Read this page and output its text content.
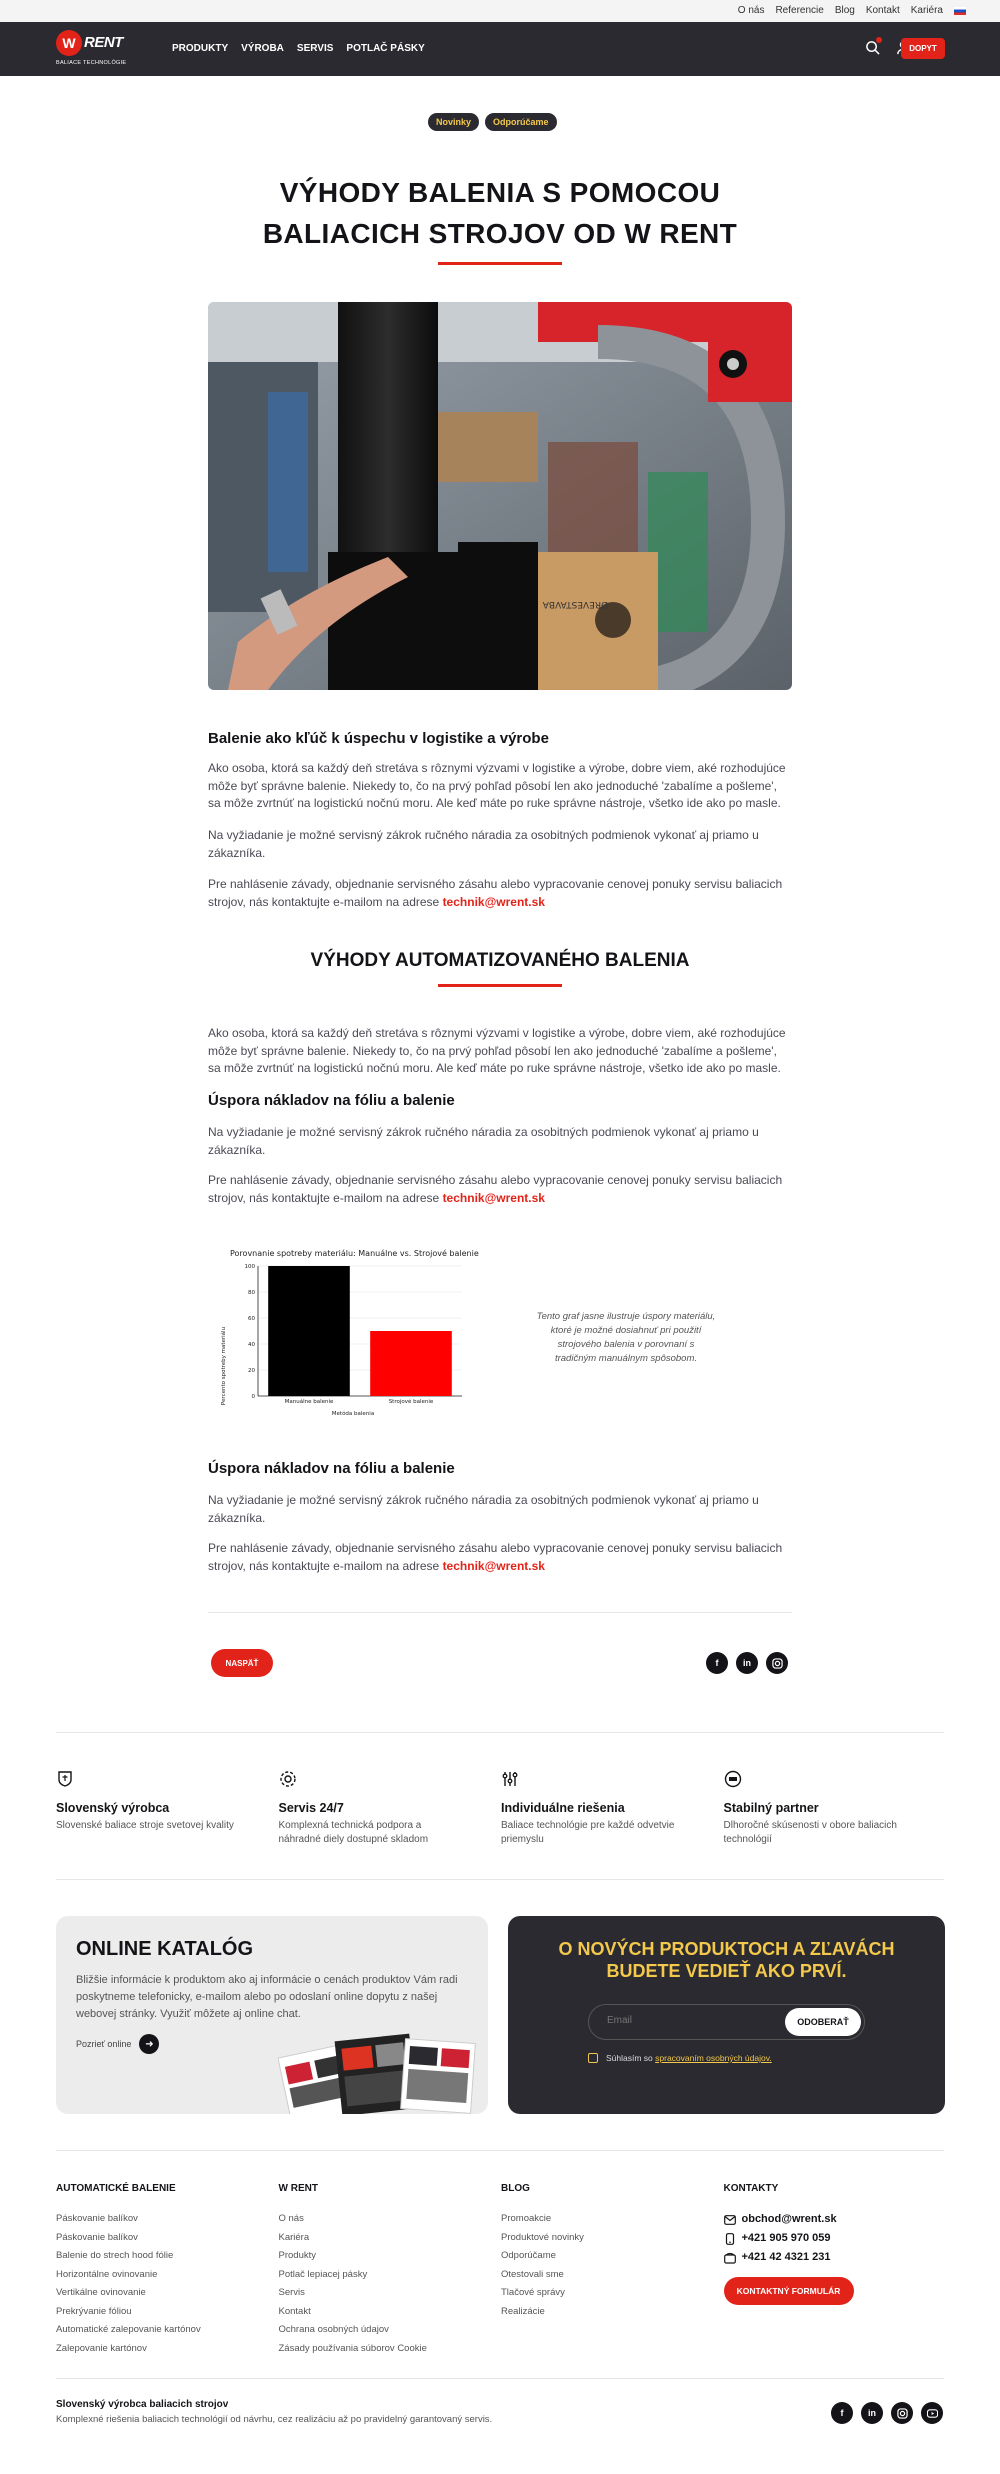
O nás Referencie Blog Kontakt Kariéra
W RENT
BALIACE TECHNOLÓGIE
PRODUKTY VÝROBA SERVIS POTLAČ PÁSKY	DOPYT
Novinky	Odporúčame
VÝHODY BALENIA S POMOCOU BALIACICH STROJOV OD W RENT
DREVESTAVBA
Balenie ako kľúč k úspechu v logistike a výrobe

Ako osoba, ktorá sa každý deň stretáva s rôznymi výzvami v logistike a výrobe, dobre viem, aké rozhodujúce môže byť správne balenie. Niekedy to, čo na prvý pohľad pôsobí len ako jednoduché 'zabalíme a pošleme', sa môže zvrtnúť na logistickú nočnú moru. Ale keď máte po ruke správne nástroje, všetko ide ako po masle.

Na vyžiadanie je možné servisný zákrok ručného náradia za osobitných podmienok vykonať aj priamo u zákazníka.

Pre nahlásenie závady, objednanie servisného zásahu alebo vypracovanie cenovej ponuky servisu baliacich strojov, nás kontaktujte e-mailom na adrese technik@wrent.sk

VÝHODY AUTOMATIZOVANÉHO BALENIA

Ako osoba, ktorá sa každý deň stretáva s rôznymi výzvami v logistike a výrobe, dobre viem, aké rozhodujúce môže byť správne balenie. Niekedy to, čo na prvý pohľad pôsobí len ako jednoduché 'zabalíme a pošleme', sa môže zvrtnúť na logistickú nočnú moru. Ale keď máte po ruke správne nástroje, všetko ide ako po masle.

Úspora nákladov na fóliu a balenie

Na vyžiadanie je možné servisný zákrok ručného náradia za osobitných podmienok vykonať aj priamo u zákazníka.

Pre nahlásenie závady, objednanie servisného zásahu alebo vypracovanie cenovej ponuky servisu baliacich strojov, nás kontaktujte e-mailom na adrese technik@wrent.sk

Porovnanie spotreby materiálu: Manuálne vs. Strojové balenie
Percento spotreby materiálu
Metóda balenia
0
20
40
60
80
100
Manuálne balenie	Strojové balenie

Tento graf jasne ilustruje úspory materiálu, ktoré je možné dosiahnuť pri použití strojového balenia v porovnaní s tradičným manuálnym spôsobom.

Úspora nákladov na fóliu a balenie

Na vyžiadanie je možné servisný zákrok ručného náradia za osobitných podmienok vykonať aj priamo u zákazníka.

Pre nahlásenie závady, objednanie servisného zásahu alebo vypracovanie cenovej ponuky servisu baliacich strojov, nás kontaktujte e-mailom na adrese technik@wrent.sk

NASPÄŤ	f	in
Slovenský výrobca
Slovenské baliace stroje svetovej kvality
Servis 24/7
Komplexná technická podpora a náhradné diely dostupné skladom
Individuálne riešenia
Baliace technológie pre každé odvetvie priemyslu
Stabilný partner
Dlhoročné skúsenosti v obore baliacich technológií
ONLINE KATALÓG
Bližšie informácie k produktom ako aj informácie o cenách produktov Vám radi poskytneme telefonicky, e-mailom alebo po odoslaní online dopytu z našej webovej stránky. Využiť môžete aj online chat.
Pozrieť online	➜
O NOVÝCH PRODUKTOCH A ZĽAVÁCH BUDETE VEDIEŤ AKO PRVÍ.
Email
ODOBERAŤ
Súhlasím so spracovaním osobných údajov.
AUTOMATICKÉ BALENIE
Páskovanie balíkov
Páskovanie balíkov
Balenie do strech hood fólie
Horizontálne ovinovanie
Vertikálne ovinovanie
Prekrývanie fóliou
Automatické zalepovanie kartónov
Zalepovanie kartónov
W RENT
O nás
Kariéra
Produkty
Potlač lepiacej pásky
Servis
Kontakt
Ochrana osobných údajov
Zásady používania súborov Cookie
BLOG
Promoakcie
Produktové novinky
Odporúčame
Otestovali sme
Tlačové správy
Realizácie
KONTAKTY
obchod@wrent.sk
+421 905 970 059
+421 42 4321 231
KONTAKTNÝ FORMULÁR
Slovenský výrobca baliacich strojov
Komplexné riešenia baliacich technológií od návrhu, cez realizáciu až po pravidelný garantovaný servis.
f	in
